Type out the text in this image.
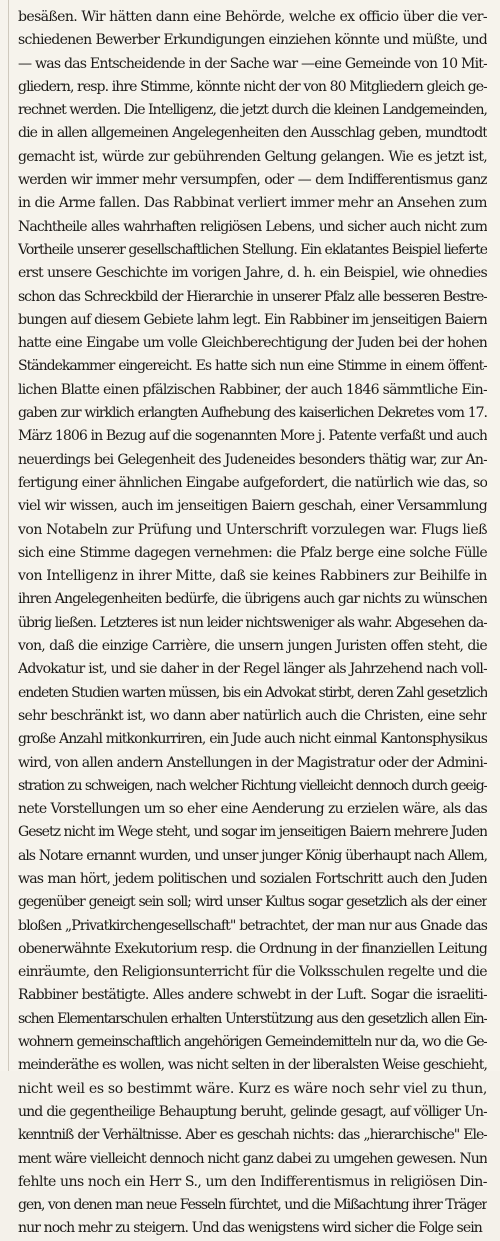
besäßen. Wir hätten dann eine Behörde, welche ex officio über die ver-
schiedenen Bewerber Erkundigungen einziehen könnte und müßte, und
— was das Entscheidende in der Sache war —eine Gemeinde von 10 Mit-
gliedern, resp. ihre Stimme, könnte nicht der von 80 Mitgliedern gleich ge-
rechnet werden. Die Intelligenz, die jetzt durch die kleinen Landgemeinden,
die in allen allgemeinen Angelegenheiten den Ausschlag geben, mundtodt
gemacht ist, würde zur gebührenden Geltung gelangen. Wie es jetzt ist,
werden wir immer mehr versumpfen, oder — dem Indifferentismus ganz
in die Arme fallen. Das Rabbinat verliert immer mehr an Ansehen zum
Nachtheile alles wahrhaften religiösen Lebens, und sicher auch nicht zum
Vortheile unserer gesellschaftlichen Stellung. Ein eklatantes Beispiel lieferte
erst unsere Geschichte im vorigen Jahre, d. h. ein Beispiel, wie ohnedies
schon das Schreckbild der Hierarchie in unserer Pfalz alle besseren Bestre-
bungen auf diesem Gebiete lahm legt. Ein Rabbiner im jenseitigen Baiern
hatte eine Eingabe um volle Gleichberechtigung der Juden bei der hohen
Ständekammer eingereicht. Es hatte sich nun eine Stimme in einem öffent-
lichen Blatte einen pfälzischen Rabbiner, der auch 1846 sämmtliche Ein-
gaben zur wirklich erlangten Aufhebung des kaiserlichen Dekretes vom 17.
März 1806 in Bezug auf die sogenannten More j. Patente verfaßt und auch
neuerdings bei Gelegenheit des Judeneides besonders thätig war, zur An-
fertigung einer ähnlichen Eingabe aufgefordert, die natürlich wie das, so
viel wir wissen, auch im jenseitigen Baiern geschah, einer Versammlung
von Notabeln zur Prüfung und Unterschrift vorzulegen war. Flugs ließ
sich eine Stimme dagegen vernehmen: die Pfalz berge eine solche Fülle
von Intelligenz in ihrer Mitte, daß sie keines Rabbiners zur Beihilfe in
ihren Angelegenheiten bedürfe, die übrigens auch gar nichts zu wünschen
übrig ließen. Letzteres ist nun leider nichtsweniger als wahr. Abgesehen da-
von, daß die einzige Carrière, die unsern jungen Juristen offen steht, die
Advokatur ist, und sie daher in der Regel länger als Jahrzehend nach voll-
endeten Studien warten müssen, bis ein Advokat stirbt, deren Zahl gesetzlich
sehr beschränkt ist, wo dann aber natürlich auch die Christen, eine sehr
große Anzahl mitkonkurriren, ein Jude auch nicht einmal Kantonsphysikus
wird, von allen andern Anstellungen in der Magistratur oder der Admini-
stration zu schweigen, nach welcher Richtung vielleicht dennoch durch geeig-
nete Vorstellungen um so eher eine Aenderung zu erzielen wäre, als das
Gesetz nicht im Wege steht, und sogar im jenseitigen Baiern mehrere Juden
als Notare ernannt wurden, und unser junger König überhaupt nach Allem,
was man hört, jedem politischen und sozialen Fortschritt auch den Juden
gegenüber geneigt sein soll; wird unser Kultus sogar gesetzlich als der einer
bloßen „Privatkirchengesellschaft" betrachtet, der man nur aus Gnade das
obenerwähnte Exekutorium resp. die Ordnung in der finanziellen Leitung
einräumte, den Religionsunterricht für die Volksschulen regelte und die
Rabbiner bestätigte. Alles andere schwebt in der Luft. Sogar die israeliti-
schen Elementarschulen erhalten Unterstützung aus den gesetzlich allen Ein-
wohnern gemeinschaftlich angehörigen Gemeindemitteln nur da, wo die Ge-
meinderäthe es wollen, was nicht selten in der liberalsten Weise geschieht,
nicht weil es so bestimmt wäre. Kurz es wäre noch sehr viel zu thun,
und die gegentheilige Behauptung beruht, gelinde gesagt, auf völliger Un-
kenntniß der Verhältnisse. Aber es geschah nichts: das „hierarchische" Ele-
ment wäre vielleicht dennoch nicht ganz dabei zu umgehen gewesen. Nun
fehlte uns noch ein Herr S., um den Indifferentismus in religiösen Din-
gen, von denen man neue Fesseln fürchtet, und die Mißachtung ihrer Träger
nur noch mehr zu steigern. Und das wenigstens wird sicher die Folge sein
